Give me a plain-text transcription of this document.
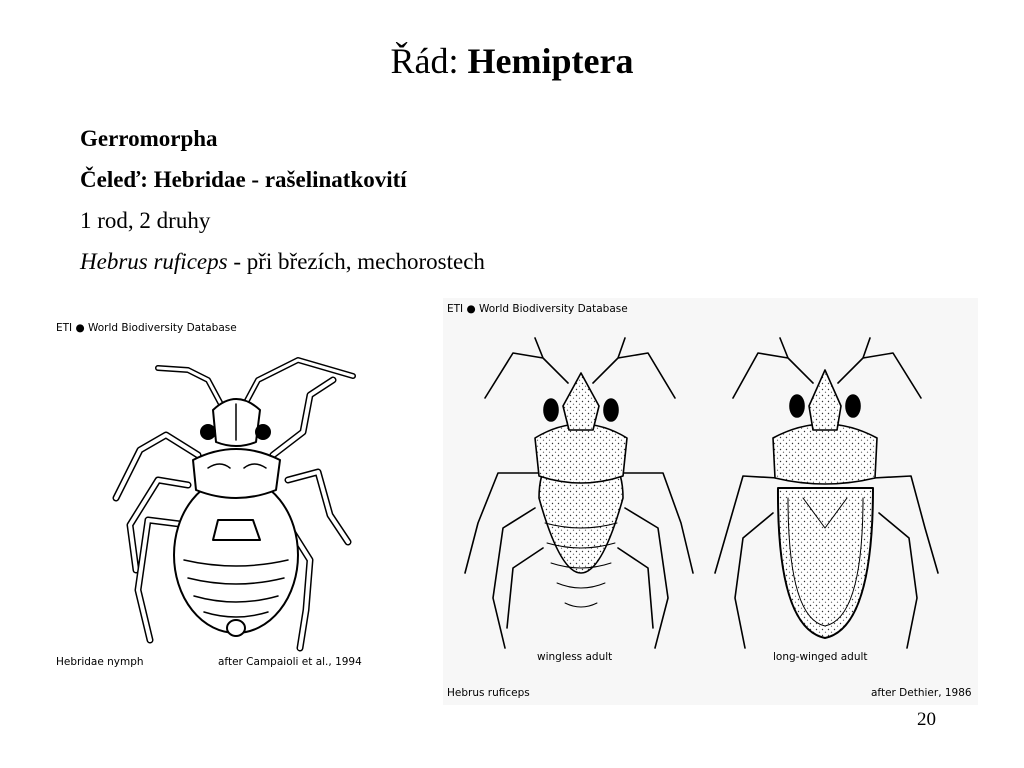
Řád: Hemiptera
Gerromorpha
Čeleď: Hebridae - rašelinatkovití
1 rod, 2 druhy
Hebrus ruficeps - při březích, mechorostech
ETI ● World Biodiversity Database
Hebridae nymph	after Campaioli et al., 1994
ETI ● World Biodiversity Database
wingless adult	long-winged adult
Hebrus ruficeps	after Dethier, 1986
20
